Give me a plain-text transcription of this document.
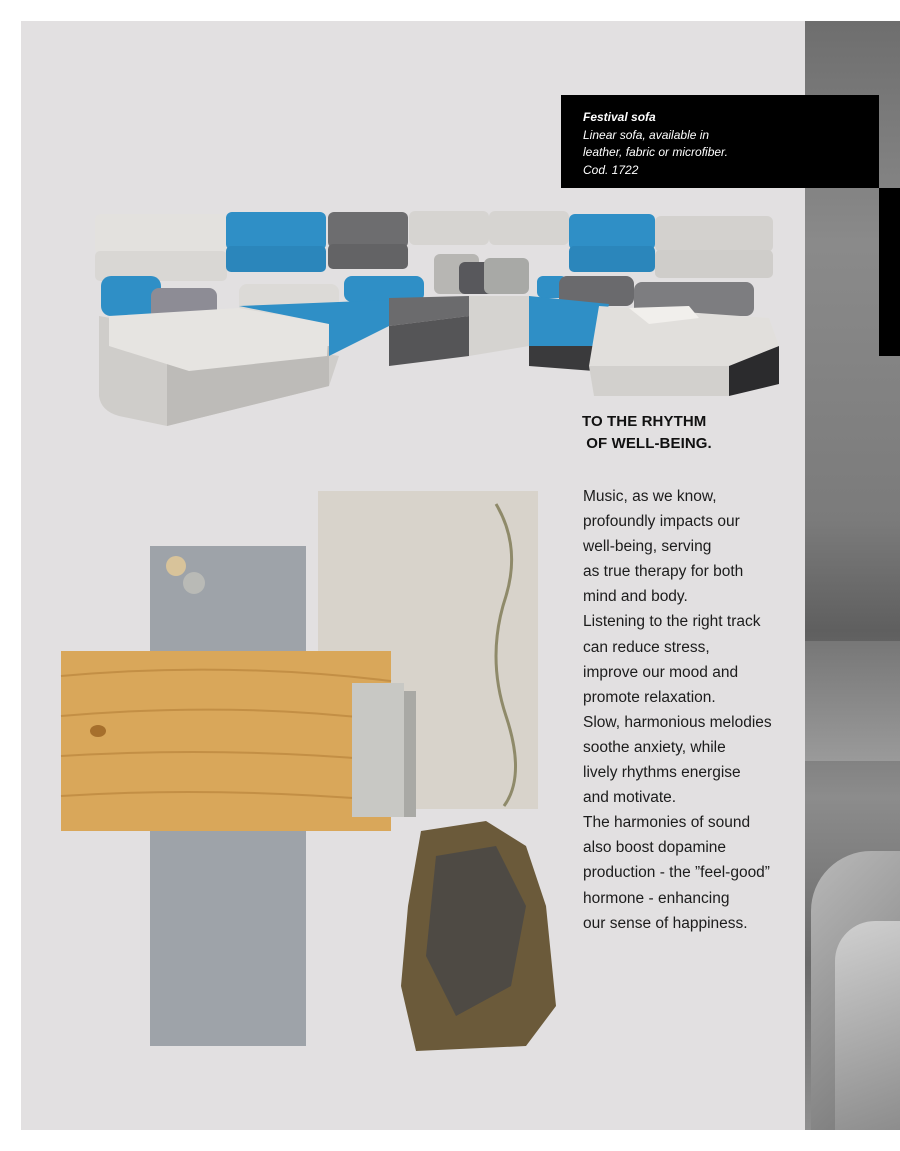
Festival sofa
Linear sofa, available in
leather, fabric or microfiber.
Cod. 1722
TO THE RHYTHM
OF WELL-BEING.
Music, as we know,
profoundly impacts our
well-being, serving
as true therapy for both
mind and body.
Listening to the right track
can reduce stress,
improve our mood and
promote relaxation.
Slow, harmonious melodies
soothe anxiety, while
lively rhythms energise
and motivate.
The harmonies of sound
also boost dopamine
production - the ”feel-good”
hormone - enhancing
our sense of happiness.
